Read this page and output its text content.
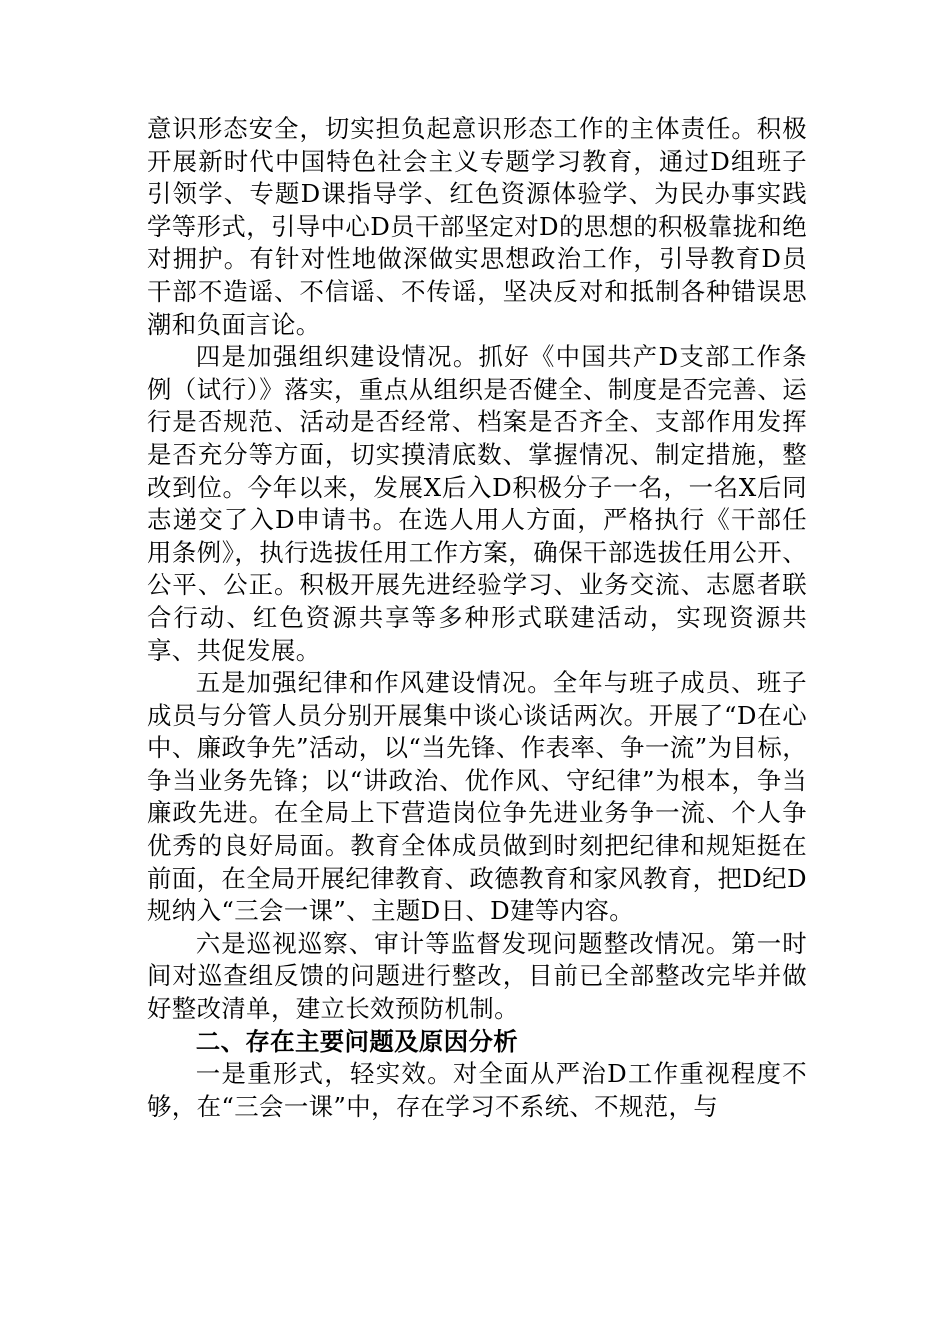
意识形态安全，切实担负起意识形态工作的主体责任。积极开展新时代中国特色社会主义专题学习教育，通过D组班子引领学、专题D课指导学、红色资源体验学、为民办事实践学等形式，引导中心D员干部坚定对D的思想的积极靠拢和绝对拥护。有针对性地做深做实思想政治工作，引导教育D员干部不造谣、不信谣、不传谣，坚决反对和抵制各种错误思潮和负面言论。

四是加强组织建设情况。抓好《中国共产D支部工作条例（试行）》落实，重点从组织是否健全、制度是否完善、运行是否规范、活动是否经常、档案是否齐全、支部作用发挥是否充分等方面，切实摸清底数、掌握情况、制定措施，整改到位。今年以来，发展X后入D积极分子一名，一名X后同志递交了入D申请书。在选人用人方面，严格执行《干部任用条例》，执行选拔任用工作方案，确保干部选拔任用公开、公平、公正。积极开展先进经验学习、业务交流、志愿者联合行动、红色资源共享等多种形式联建活动，实现资源共享、共促发展。

五是加强纪律和作风建设情况。全年与班子成员、班子成员与分管人员分别开展集中谈心谈话两次。开展了“D在心中、廉政争先”活动，以“当先锋、作表率、争一流”为目标，争当业务先锋；以“讲政治、优作风、守纪律”为根本，争当廉政先进。在全局上下营造岗位争先进业务争一流、个人争优秀的良好局面。教育全体成员做到时刻把纪律和规矩挺在前面，在全局开展纪律教育、政德教育和家风教育，把D纪D规纳入“三会一课”、主题D日、D建等内容。

六是巡视巡察、审计等监督发现问题整改情况。第一时间对巡查组反馈的问题进行整改，目前已全部整改完毕并做好整改清单，建立长效预防机制。

二、存在主要问题及原因分析

一是重形式，轻实效。对全面从严治D工作重视程度不够，在“三会一课”中，存在学习不系统、不规范，与
